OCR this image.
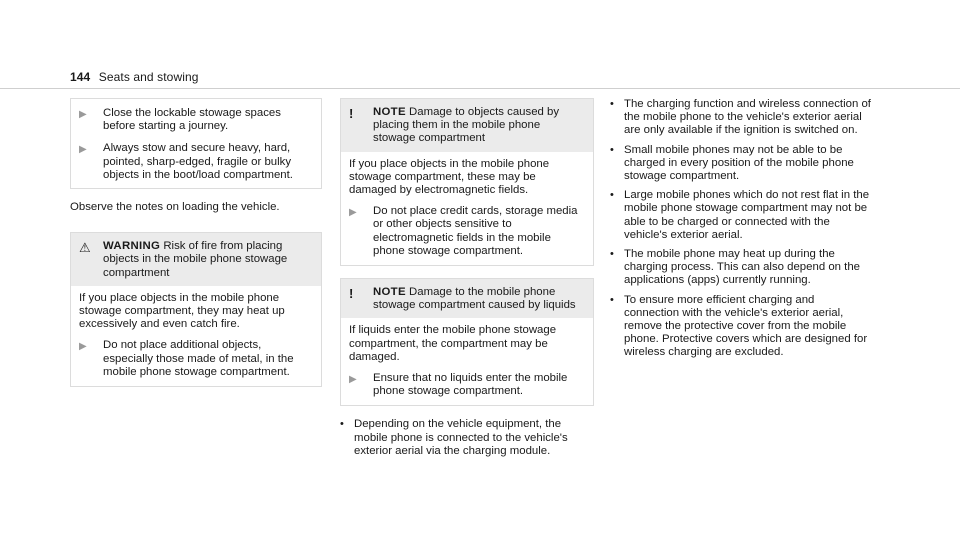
144 Seats and stowing
▶	Close the lockable stowage spaces before starting a journey.
▶	Always stow and secure heavy, hard, pointed, sharp-edged, fragile or bulky objects in the boot/load compartment.

Observe the notes on loading the vehicle.

⚠	WARNING Risk of fire from placing objects in the mobile phone stowage compartment

If you place objects in the mobile phone stowage compartment, they may heat up excessively and even catch fire.

▶	Do not place additional objects, especially those made of metal, in the mobile phone stowage compartment.
!	NOTE Damage to objects caused by placing them in the mobile phone stowage compartment

If you place objects in the mobile phone stowage compartment, these may be damaged by electromagnetic fields.

▶	Do not place credit cards, storage media or other objects sensitive to electromagnetic fields in the mobile phone stowage compartment.
!	NOTE Damage to the mobile phone stowage compartment caused by liquids

If liquids enter the mobile phone stowage compartment, the compartment may be damaged.

▶	Ensure that no liquids enter the mobile phone stowage compartment.
• Depending on the vehicle equipment, the mobile phone is connected to the vehicle's exterior aerial via the charging module.
• The charging function and wireless connection of the mobile phone to the vehicle's exterior aerial are only available if the ignition is switched on.
• Small mobile phones may not be able to be charged in every position of the mobile phone stowage compartment.
• Large mobile phones which do not rest flat in the mobile phone stowage compartment may not be able to be charged or connected with the vehicle's exterior aerial.
• The mobile phone may heat up during the charging process. This can also depend on the applications (apps) currently running.
• To ensure more efficient charging and connection with the vehicle's exterior aerial, remove the protective cover from the mobile phone. Protective covers which are designed for wireless charging are excluded.
